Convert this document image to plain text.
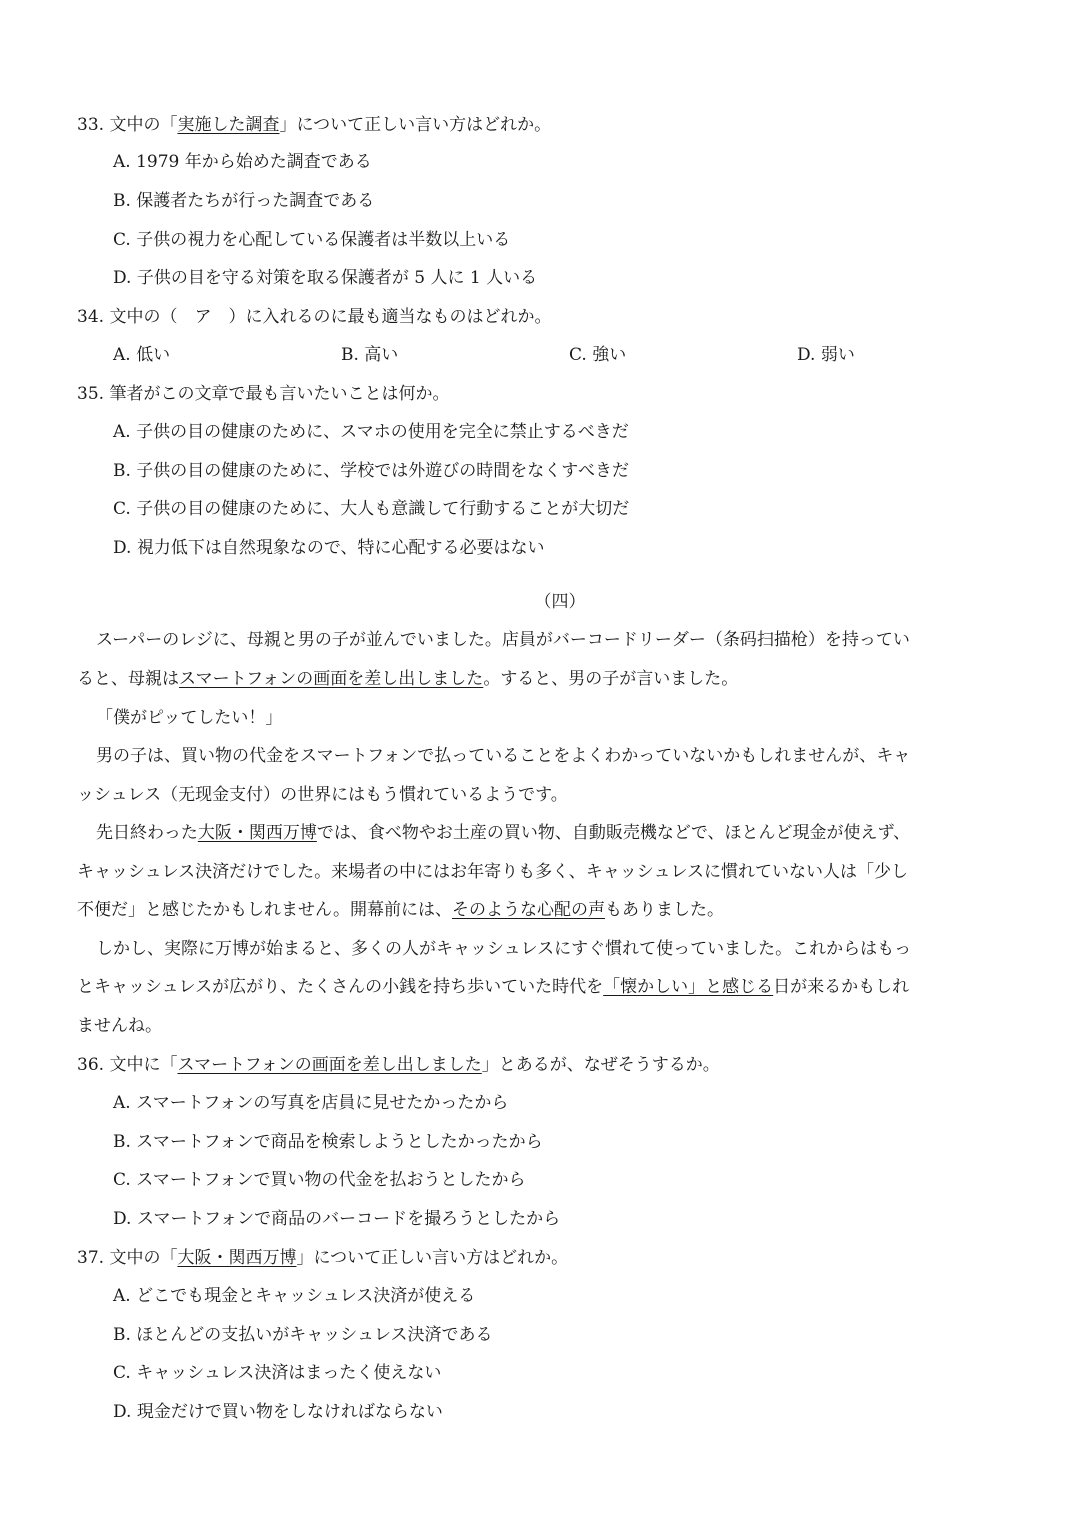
33. 文中の「実施した調査」について正しい言い方はどれか。
A. 1979 年から始めた調査である
B. 保護者たちが行った調査である
C. 子供の視力を心配している保護者は半数以上いる
D. 子供の目を守る対策を取る保護者が 5 人に 1 人いる
34. 文中の（　ア　）に入れるのに最も適当なものはどれか。
A. 低い	B. 高い	C. 強い	D. 弱い
35. 筆者がこの文章で最も言いたいことは何か。
A. 子供の目の健康のために、スマホの使用を完全に禁止するべきだ
B. 子供の目の健康のために、学校では外遊びの時間をなくすべきだ
C. 子供の目の健康のために、大人も意識して行動することが大切だ
D. 視力低下は自然現象なので、特に心配する必要はない
（四）
スーパーのレジに、母親と男の子が並んでいました。店員がバーコードリーダー（条码扫描枪）を持ってい
ると、母親はスマートフォンの画面を差し出しました。すると、男の子が言いました。
「僕がピッてしたい！」
男の子は、買い物の代金をスマートフォンで払っていることをよくわかっていないかもしれませんが、キャ
ッシュレス（无现金支付）の世界にはもう慣れているようです。
先日終わった大阪・関西万博では、食べ物やお土産の買い物、自動販売機などで、ほとんど現金が使えず、
キャッシュレス決済だけでした。来場者の中にはお年寄りも多く、キャッシュレスに慣れていない人は「少し
不便だ」と感じたかもしれません。開幕前には、そのような心配の声もありました。
しかし、実際に万博が始まると、多くの人がキャッシュレスにすぐ慣れて使っていました。これからはもっ
とキャッシュレスが広がり、たくさんの小銭を持ち歩いていた時代を「懐かしい」と感じる日が来るかもしれ
ませんね。
36. 文中に「スマートフォンの画面を差し出しました」とあるが、なぜそうするか。
A. スマートフォンの写真を店員に見せたかったから
B. スマートフォンで商品を検索しようとしたかったから
C. スマートフォンで買い物の代金を払おうとしたから
D. スマートフォンで商品のバーコードを撮ろうとしたから
37. 文中の「大阪・関西万博」について正しい言い方はどれか。
A. どこでも現金とキャッシュレス決済が使える
B. ほとんどの支払いがキャッシュレス決済である
C. キャッシュレス決済はまったく使えない
D. 現金だけで買い物をしなければならない
